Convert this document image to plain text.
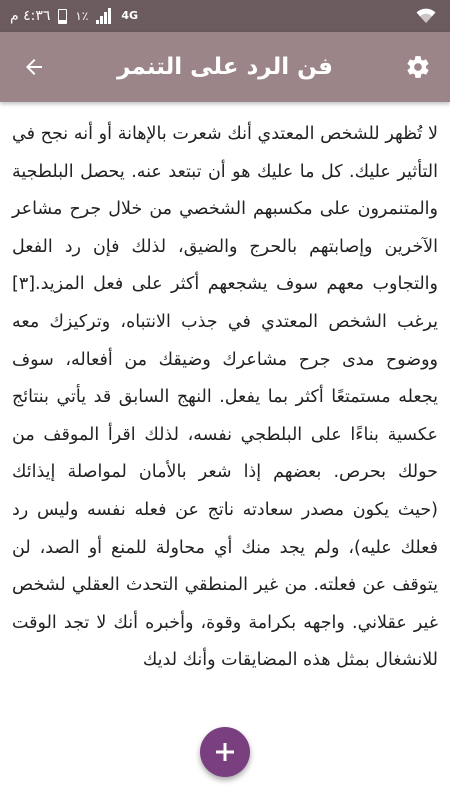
٤:٣٦ م ١٪	4G
فن الرد على التنمر

لا تُظهر للشخص المعتدي أنك شعرت بالإهانة أو أنه نجح في التأثير عليك. كل ما عليك هو أن تبتعد عنه. يحصل البلطجية والمتنمرون على مكسبهم الشخصي من خلال جرح مشاعر الآخرين وإصابتهم بالحرج والضيق، لذلك فإن رد الفعل والتجاوب معهم سوف يشجعهم أكثر على فعل المزيد.[٣] يرغب الشخص المعتدي في جذب الانتباه، وتركيزك معه ووضوح مدى جرح مشاعرك وضيقك من أفعاله، سوف يجعله مستمتعًا أكثر بما يفعل. النهج السابق قد يأتي بنتائج عكسية بناءًا على البلطجي نفسه، لذلك اقرأ الموقف من حولك بحرص. بعضهم إذا شعر بالأمان لمواصلة إيذائك (حيث يكون مصدر سعادته ناتج عن فعله نفسه وليس رد فعلك عليه)، ولم يجد منك أي محاولة للمنع أو الصد، لن يتوقف عن فعلته. من غير المنطقي التحدث العقلي لشخص غير عقلاني. واجهه بكرامة وقوة، وأخبره أنك لا تجد الوقت للانشغال بمثل هذه المضايقات وأنك لديك
